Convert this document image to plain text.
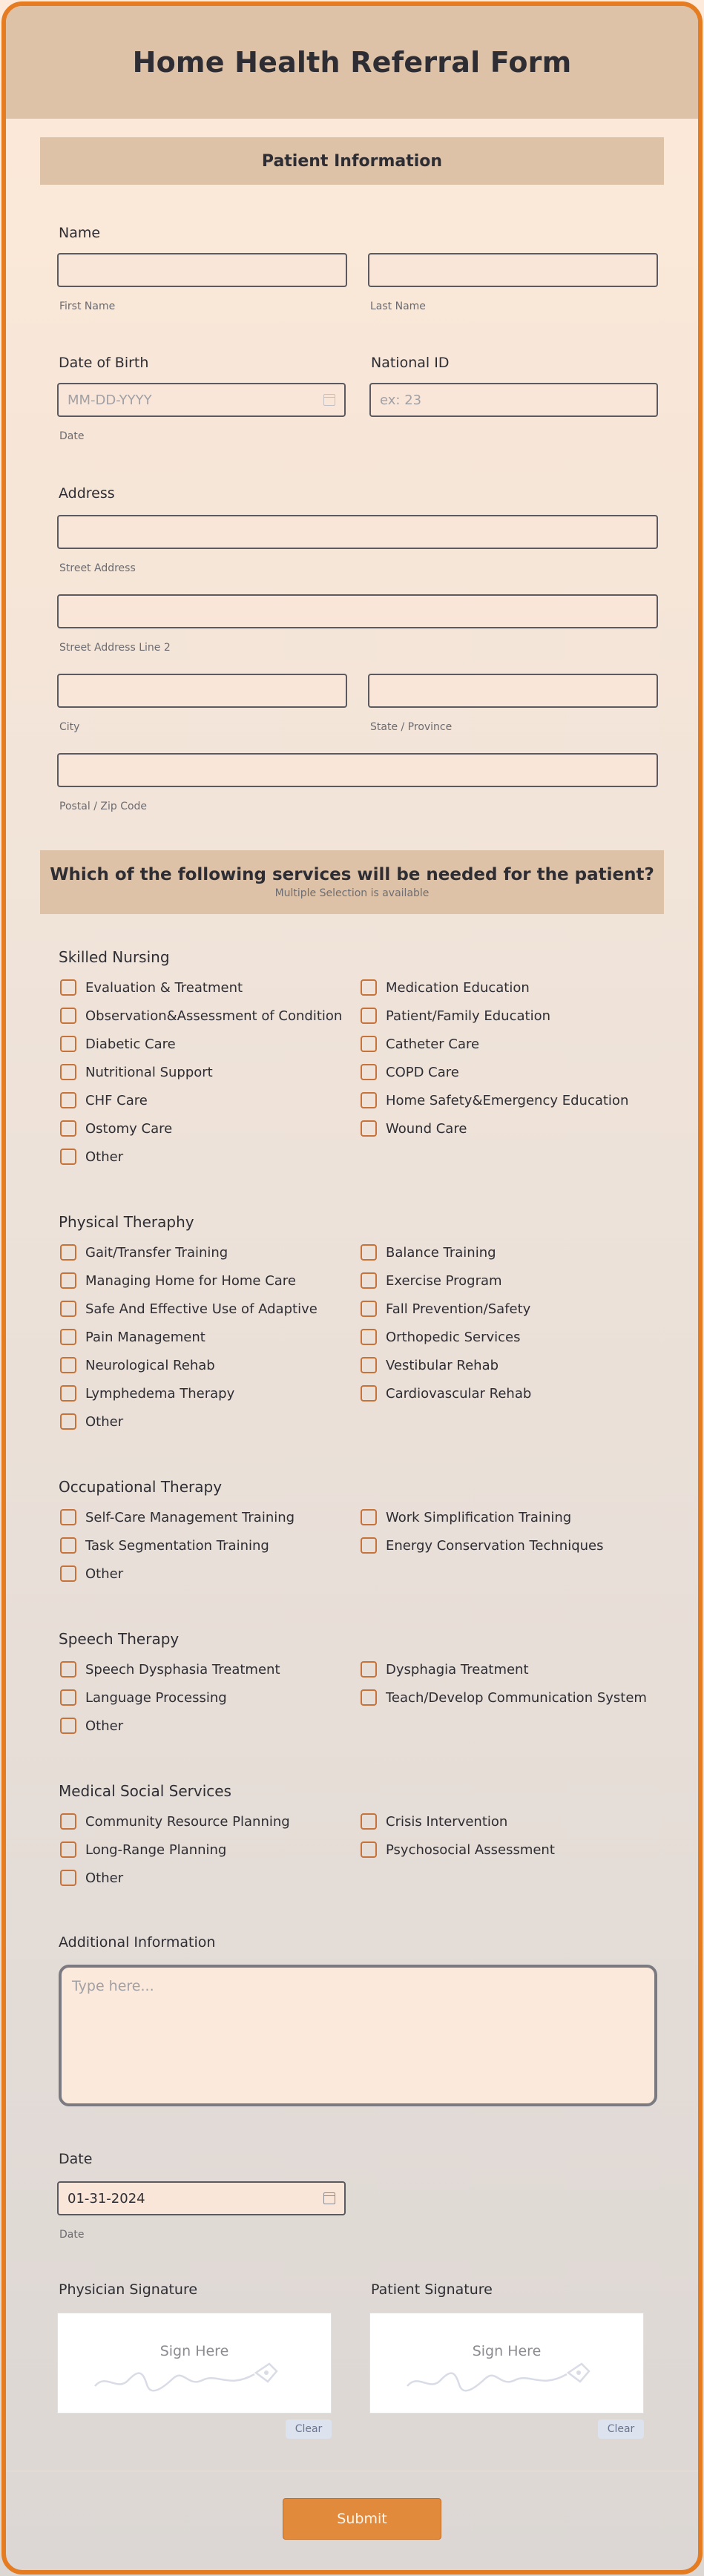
Home Health Referral Form
Patient Information
Name
First Name	Last Name
Date of Birth
MM-DD-YYYY
Date
National ID
ex: 23
Address
Street Address
Street Address Line 2
City	State / Province
Postal / Zip Code
Which of the following services will be needed for the patient?
Multiple Selection is available
Skilled Nursing
Evaluation & Treatment
Observation&Assessment of Condition
Diabetic Care
Nutritional Support
CHF Care
Ostomy Care
Other
Medication Education
Patient/Family Education
Catheter Care
COPD Care
Home Safety&Emergency Education
Wound Care
Physical Theraphy
Gait/Transfer Training
Managing Home for Home Care
Safe And Effective Use of Adaptive
Pain Management
Neurological Rehab
Lymphedema Therapy
Other
Balance Training
Exercise Program
Fall Prevention/Safety
Orthopedic Services
Vestibular Rehab
Cardiovascular Rehab
Occupational Therapy
Self-Care Management Training
Task Segmentation Training
Other
Work Simplification Training
Energy Conservation Techniques
Speech Therapy
Speech Dysphasia Treatment
Language Processing
Other
Dysphagia Treatment
Teach/Develop Communication System
Medical Social Services
Community Resource Planning
Long-Range Planning
Other
Crisis Intervention
Psychosocial Assessment
Additional Information
Type here...
Date
01-31-2024
Date
Physician Signature	Patient Signature
Sign Here
Clear
Sign Here
Clear
Submit
